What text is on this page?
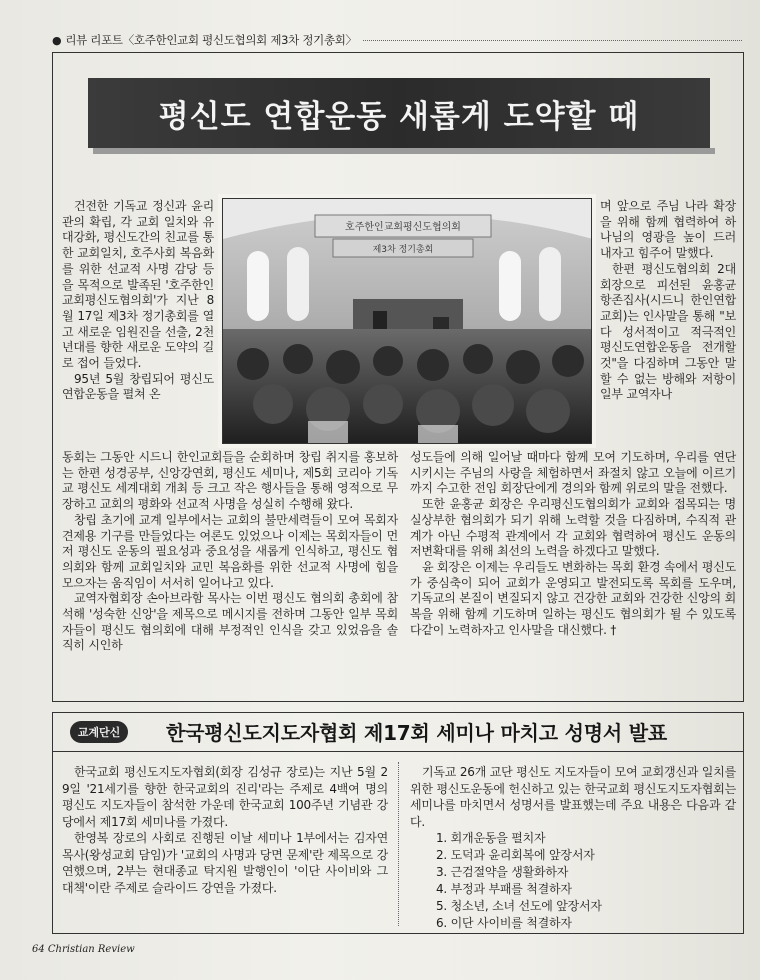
● 리뷰 리포트〈호주한인교회 평신도협의회 제3차 정기총회〉
평신도 연합운동 새롭게 도약할 때

건전한 기독교 정신과 윤리관의 확립, 각 교회 일치와 유대강화, 평신도간의 친교를 통한 교회일치, 호주사회 복음화를 위한 선교적 사명 감당 등을 목적으로 발족된 '호주한인교회평신도협의회'가 지난 8월 17일 제3차 정기총회를 열고 새로운 임원진을 선출, 2천년대를 향한 새로운 도약의 길로 접어 들었다.

95년 5월 창립되어 평신도 연합운동을 펼쳐 온

호주한인교회평신도협의회
제3차 정기총회

며 앞으로 주님 나라 확장을 위해 함께 협력하여 하나님의 영광을 높이 드러내자고 힘주어 말했다.

한편 평신도협의회 2대 회장으로 피선된 윤홍균 항존집사(시드니 한인연합교회)는 인사말을 통해 "보다 성서적이고 적극적인 평신도연합운동을 전개할 것"을 다짐하며 그동안 말할 수 없는 방해와 저항이 일부 교역자나

동회는 그동안 시드니 한인교회들을 순회하며 창립 취지를 홍보하는 한편 성경공부, 신앙강연회, 평신도 세미나, 제5회 코리아 기독교 평신도 세계대회 개최 등 크고 작은 행사들을 통해 영적으로 무장하고 교회의 평화와 선교적 사명을 성실히 수행해 왔다.

창립 초기에 교계 일부에서는 교회의 불만세력들이 모여 목회자 견제용 기구를 만들었다는 여론도 있었으나 이제는 목회자들이 먼저 평신도 운동의 필요성과 중요성을 새롭게 인식하고, 평신도 협의회와 함께 교회일치와 교민 복음화를 위한 선교적 사명에 힘을 모으자는 움직임이 서서히 일어나고 있다.

교역자협회장 손아브라함 목사는 이번 평신도 협의회 총회에 참석해 '성숙한 신앙'을 제목으로 메시지를 전하며 그동안 일부 목회자들이 평신도 협의회에 대해 부정적인 인식을 갖고 있었음을 솔직히 시인하

성도들에 의해 일어날 때마다 함께 모여 기도하며, 우리를 연단시키시는 주님의 사랑을 체험하면서 좌절치 않고 오늘에 이르기까지 수고한 전임 회장단에게 경의와 함께 위로의 말을 전했다.

또한 윤홍균 회장은 우리평신도협의회가 교회와 접목되는 명실상부한 협의회가 되기 위해 노력할 것을 다짐하며, 수직적 관계가 아닌 수평적 관계에서 각 교회와 협력하여 평신도 운동의 저변확대를 위해 최선의 노력을 하겠다고 말했다.

윤 회장은 이제는 우리들도 변화하는 목회 환경 속에서 평신도가 중심축이 되어 교회가 운영되고 발전되도록 목회를 도우며, 기독교의 본질이 변질되지 않고 건강한 교회와 건강한 신앙의 회복을 위해 함께 기도하며 일하는 평신도 협의회가 될 수 있도록 다같이 노력하자고 인사말을 대신했다. †

교계단신	한국평신도지도자협회 제17회 세미나 마치고 성명서 발표

한국교회 평신도지도자협회(회장 김성규 장로)는 지난 5월 29일 '21세기를 향한 한국교회의 진리'라는 주제로 4백여 명의 평신도 지도자들이 참석한 가운데 한국교회 100주년 기념관 강당에서 제17회 세미나를 가졌다.

한영복 장로의 사회로 진행된 이날 세미나 1부에서는 김자연 목사(왕성교회 담임)가 '교회의 사명과 당면 문제'란 제목으로 강연했으며, 2부는 현대종교 탁지원 발행인이 '이단 사이비와 그 대책'이란 주제로 슬라이드 강연을 가졌다.

기독교 26개 교단 평신도 지도자들이 모여 교회갱신과 일치를 위한 평신도운동에 헌신하고 있는 한국교회 평신도지도자협회는 세미나를 마치면서 성명서를 발표했는데 주요 내용은 다음과 같다.

1. 회개운동을 펼치자
2. 도덕과 윤리회복에 앞장서자
3. 근검절약을 생활화하자
4. 부정과 부패를 척결하자
5. 청소년, 소녀 선도에 앞장서자
6. 이단 사이비를 척결하자
64 Christian Review
